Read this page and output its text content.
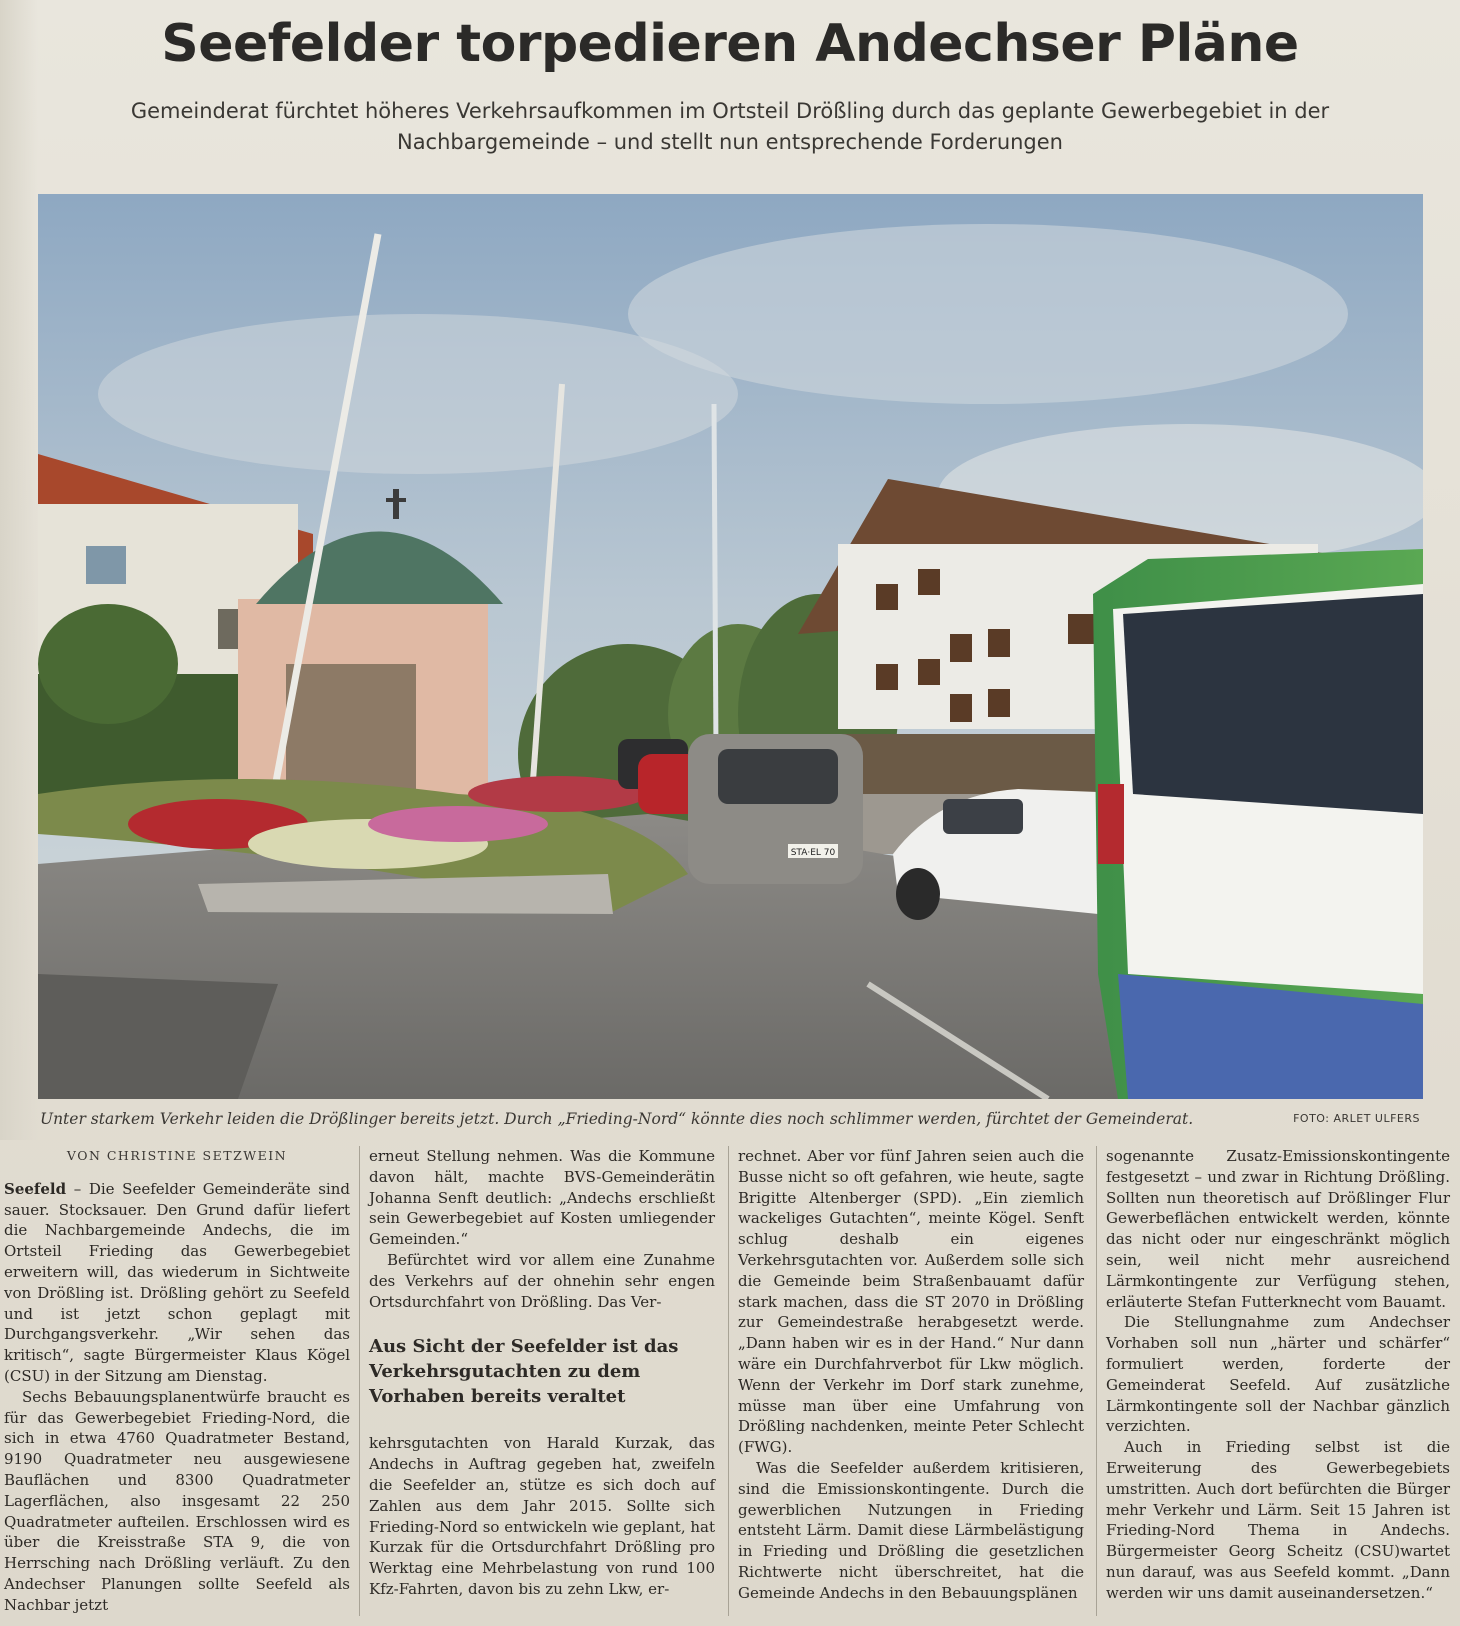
Seefelder torpedieren Andechser Pläne
Gemeinderat fürchtet höheres Verkehrsaufkommen im Ortsteil Drößling durch das geplante Gewerbegebiet in der Nachbargemeinde – und stellt nun entsprechende Forderungen
STA·EL 70
Unter starkem Verkehr leiden die Drößlinger bereits jetzt. Durch „Frieding-Nord“ könnte dies noch schlimmer werden, fürchtet der Gemeinderat.	FOTO: ARLET ULFERS
VON CHRISTINE SETZWEIN

Seefeld – Die Seefelder Gemeinderäte sind sauer. Stocksauer. Den Grund dafür liefert die Nachbargemeinde Andechs, die im Ortsteil Frieding das Gewerbegebiet erweitern will, das wiederum in Sichtweite von Drößling ist. Drößling gehört zu Seefeld und ist jetzt schon geplagt mit Durchgangsverkehr. „Wir sehen das kritisch“, sagte Bürgermeister Klaus Kögel (CSU) in der Sitzung am Dienstag.

Sechs Bebauungsplanentwürfe braucht es für das Gewerbegebiet Frieding-Nord, die sich in etwa 4760 Quadratmeter Bestand, 9190 Quadratmeter neu ausgewiesene Bauflächen und 8300 Quadratmeter Lagerflächen, also insgesamt 22 250 Quadratmeter aufteilen. Erschlossen wird es über die Kreisstraße STA 9, die von Herrsching nach Drößling verläuft. Zu den Andechser Planungen sollte Seefeld als Nachbar jetzt

erneut Stellung nehmen. Was die Kommune davon hält, machte BVS-Gemeinderätin Johanna Senft deutlich: „Andechs erschließt sein Gewerbegebiet auf Kosten umliegender Gemeinden.“

Befürchtet wird vor allem eine Zunahme des Verkehrs auf der ohnehin sehr engen Ortsdurchfahrt von Drößling. Das Ver-

Aus Sicht der Seefelder ist das Verkehrsgutachten zu dem Vorhaben bereits veraltet

kehrsgutachten von Harald Kurzak, das Andechs in Auftrag gegeben hat, zweifeln die Seefelder an, stütze es sich doch auf Zahlen aus dem Jahr 2015. Sollte sich Frieding-Nord so entwickeln wie geplant, hat Kurzak für die Ortsdurchfahrt Drößling pro Werktag eine Mehrbelastung von rund 100 Kfz-Fahrten, davon bis zu zehn Lkw, er-

rechnet. Aber vor fünf Jahren seien auch die Busse nicht so oft gefahren, wie heute, sagte Brigitte Altenberger (SPD). „Ein ziemlich wackeliges Gutachten“, meinte Kögel. Senft schlug deshalb ein eigenes Verkehrsgutachten vor. Außerdem solle sich die Gemeinde beim Straßenbauamt dafür stark machen, dass die ST 2070 in Drößling zur Gemeindestraße herabgesetzt werde. „Dann haben wir es in der Hand.“ Nur dann wäre ein Durchfahrverbot für Lkw möglich. Wenn der Verkehr im Dorf stark zunehme, müsse man über eine Umfahrung von Drößling nachdenken, meinte Peter Schlecht (FWG).

Was die Seefelder außerdem kritisieren, sind die Emissionskontingente. Durch die gewerblichen Nutzungen in Frieding entsteht Lärm. Damit diese Lärmbelästigung in Frieding und Drößling die gesetzlichen Richtwerte nicht überschreitet, hat die Gemeinde Andechs in den Bebauungsplänen

sogenannte Zusatz-Emissionskontingente festgesetzt – und zwar in Richtung Drößling. Sollten nun theoretisch auf Drößlinger Flur Gewerbeflächen entwickelt werden, könnte das nicht oder nur eingeschränkt möglich sein, weil nicht mehr ausreichend Lärmkontingente zur Verfügung stehen, erläuterte Stefan Futterknecht vom Bauamt.

Die Stellungnahme zum Andechser Vorhaben soll nun „härter und schärfer“ formuliert werden, forderte der Gemeinderat Seefeld. Auf zusätzliche Lärmkontingente soll der Nachbar gänzlich verzichten.

Auch in Frieding selbst ist die Erweiterung des Gewerbegebiets umstritten. Auch dort befürchten die Bürger mehr Verkehr und Lärm. Seit 15 Jahren ist Frieding-Nord Thema in Andechs. Bürgermeister Georg Scheitz (CSU)wartet nun darauf, was aus Seefeld kommt. „Dann werden wir uns damit auseinandersetzen.“
